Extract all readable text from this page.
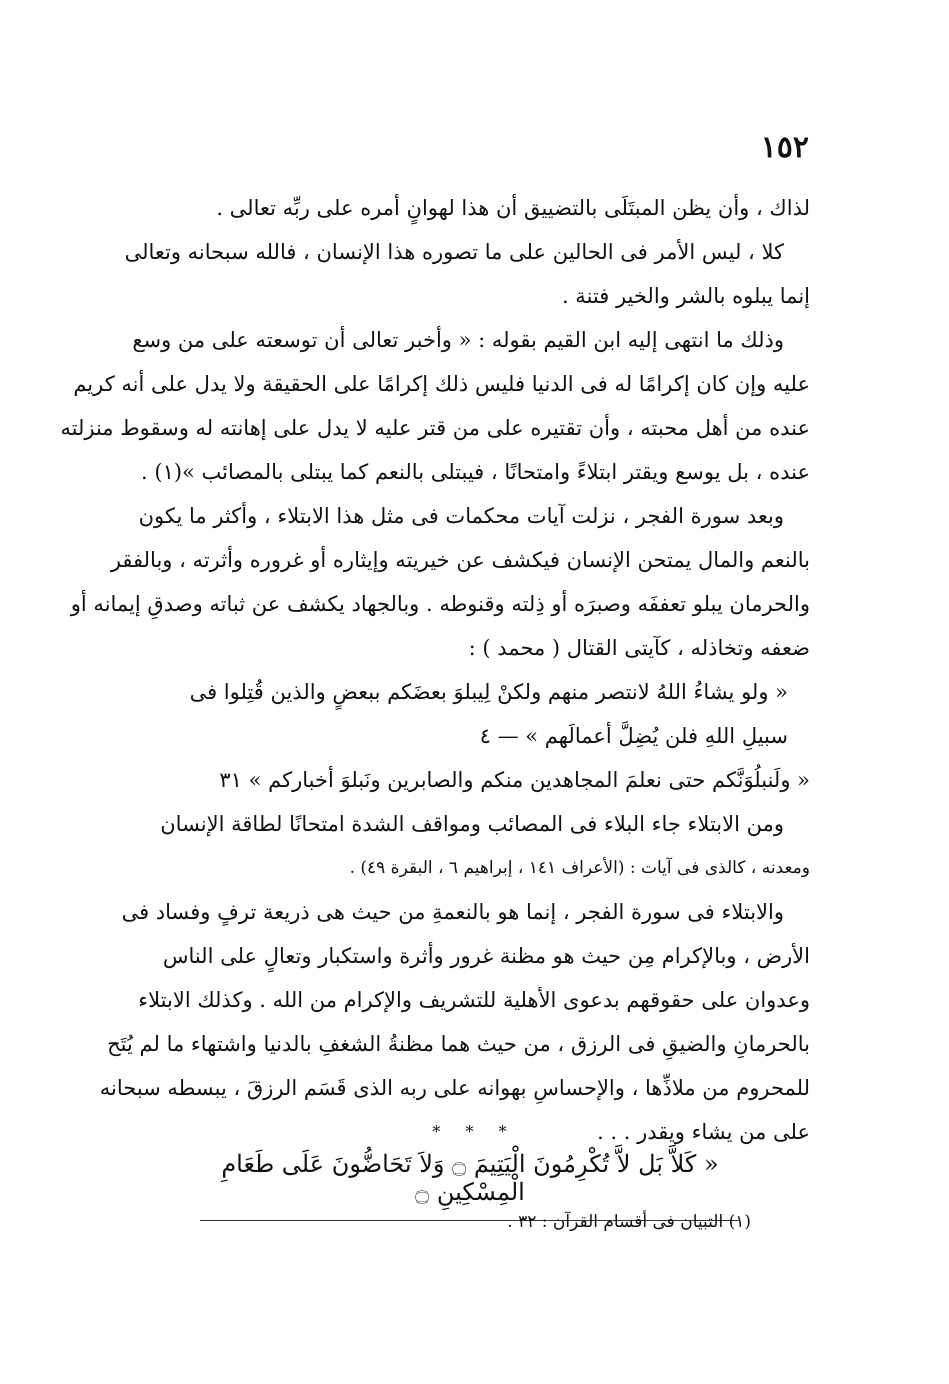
١٥٢
لذاك ، وأن يظن المبتَلَى بالتضييق أن هذا لهوانٍ أمره على ربِّه تعالى .
كلا ، ليس الأمر فى الحالين على ما تصوره هذا الإنسان ، فالله سبحانه وتعالى
إنما يبلوه بالشر والخير فتنة .
وذلك ما انتهى إليه ابن القيم بقوله : « وأخبر تعالى أن توسعته على من وسع
عليه وإن كان إكرامًا له فى الدنيا فليس ذلك إكرامًا على الحقيقة ولا يدل على أنه كريم
عنده من أهل محبته ، وأن تقتيره على من قتر عليه لا يدل على إهانته له وسقوط منزلته
عنده ، بل يوسع ويقتر ابتلاءً وامتحانًا ، فيبتلى بالنعم كما يبتلى بالمصائب »(١) .
وبعد سورة الفجر ، نزلت آيات محكمات فى مثل هذا الابتلاء ، وأكثر ما يكون
بالنعم والمال يمتحن الإنسان فيكشف عن خيريته وإيثاره أو غروره وأثرته ، وبالفقر
والحرمان يبلو تعففَه وصبرَه أو ذِلته وقنوطه . وبالجهاد يكشف عن ثباته وصدقِ إيمانه أو
ضعفه وتخاذله ، كآيتى القتال ( محمد ) :
« ولو يشاءُ اللهُ لانتصر منهم ولكنْ لِيبلوَ بعضَكم ببعضٍ والذين قُتِلوا فى
سبيلِ اللهِ فلن يُضِلَّ أعمالَهم » — ٤
« ولَنبلُوَنَّكم حتى نعلمَ المجاهدين منكم والصابرين ونَبلوَ أخباركم » ٣١
ومن الابتلاء جاء البلاء فى المصائب ومواقف الشدة امتحانًا لطاقة الإنسان
ومعدنه ، كالذى فى آيات : (الأعراف ١٤١ ، إبراهيم ٦ ، البقرة ٤٩) .
والابتلاء فى سورة الفجر ، إنما هو بالنعمةِ من حيث هى ذريعة ترفٍ وفساد فى
الأرض ، وبالإكرام مِن حيث هو مظنة غرور وأثرة واستكبار وتعالٍ على الناس
وعدوان على حقوقهم بدعوى الأهلية للتشريف والإكرام من الله . وكذلك الابتلاء
بالحرمانِ والضيقِ فى الرزق ، من حيث هما مظنةُ الشغفِ بالدنيا واشتهاء ما لم يُتَح
للمحروم من ملاذِّها ، والإحساسِ بهوانه على ربه الذى قَسَم الرزقَ ، يبسطه سبحانه
على من يشاء ويقدر . . .
* * *
« كَلاَّ بَل لاَّ تُكْرِمُونَ الْيَتِيمَ ۝ وَلاَ تَحَاضُّونَ عَلَى طَعَامِ الْمِسْكِينِ ۝
(١) التبيان فى أقسام القرآن : ٣٢ .
